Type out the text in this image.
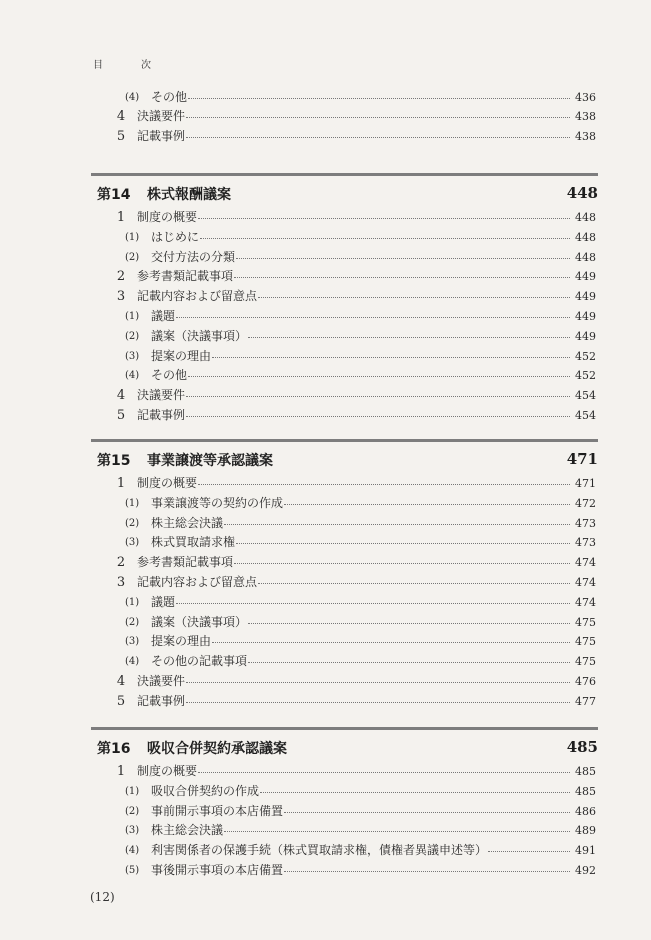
目　次
(4) その他	436
4 決議要件	438
5 記載事例	438
第14 株式報酬議案	448
1 制度の概要	448
(1) はじめに	448
(2) 交付方法の分類	448
2 参考書類記載事項	449
3 記載内容および留意点	449
(1) 議題	449
(2) 議案（決議事項）	449
(3) 提案の理由	452
(4) その他	452
4 決議要件	454
5 記載事例	454
第15 事業譲渡等承認議案	471
1 制度の概要	471
(1) 事業譲渡等の契約の作成	472
(2) 株主総会決議	473
(3) 株式買取請求権	473
2 参考書類記載事項	474
3 記載内容および留意点	474
(1) 議題	474
(2) 議案（決議事項）	475
(3) 提案の理由	475
(4) その他の記載事項	475
4 決議要件	476
5 記載事例	477
第16 吸収合併契約承認議案	485
1 制度の概要	485
(1) 吸収合併契約の作成	485
(2) 事前開示事項の本店備置	486
(3) 株主総会決議	489
(4) 利害関係者の保護手続（株式買取請求権，債権者異議申述等）	491
(5) 事後開示事項の本店備置	492
(12)
